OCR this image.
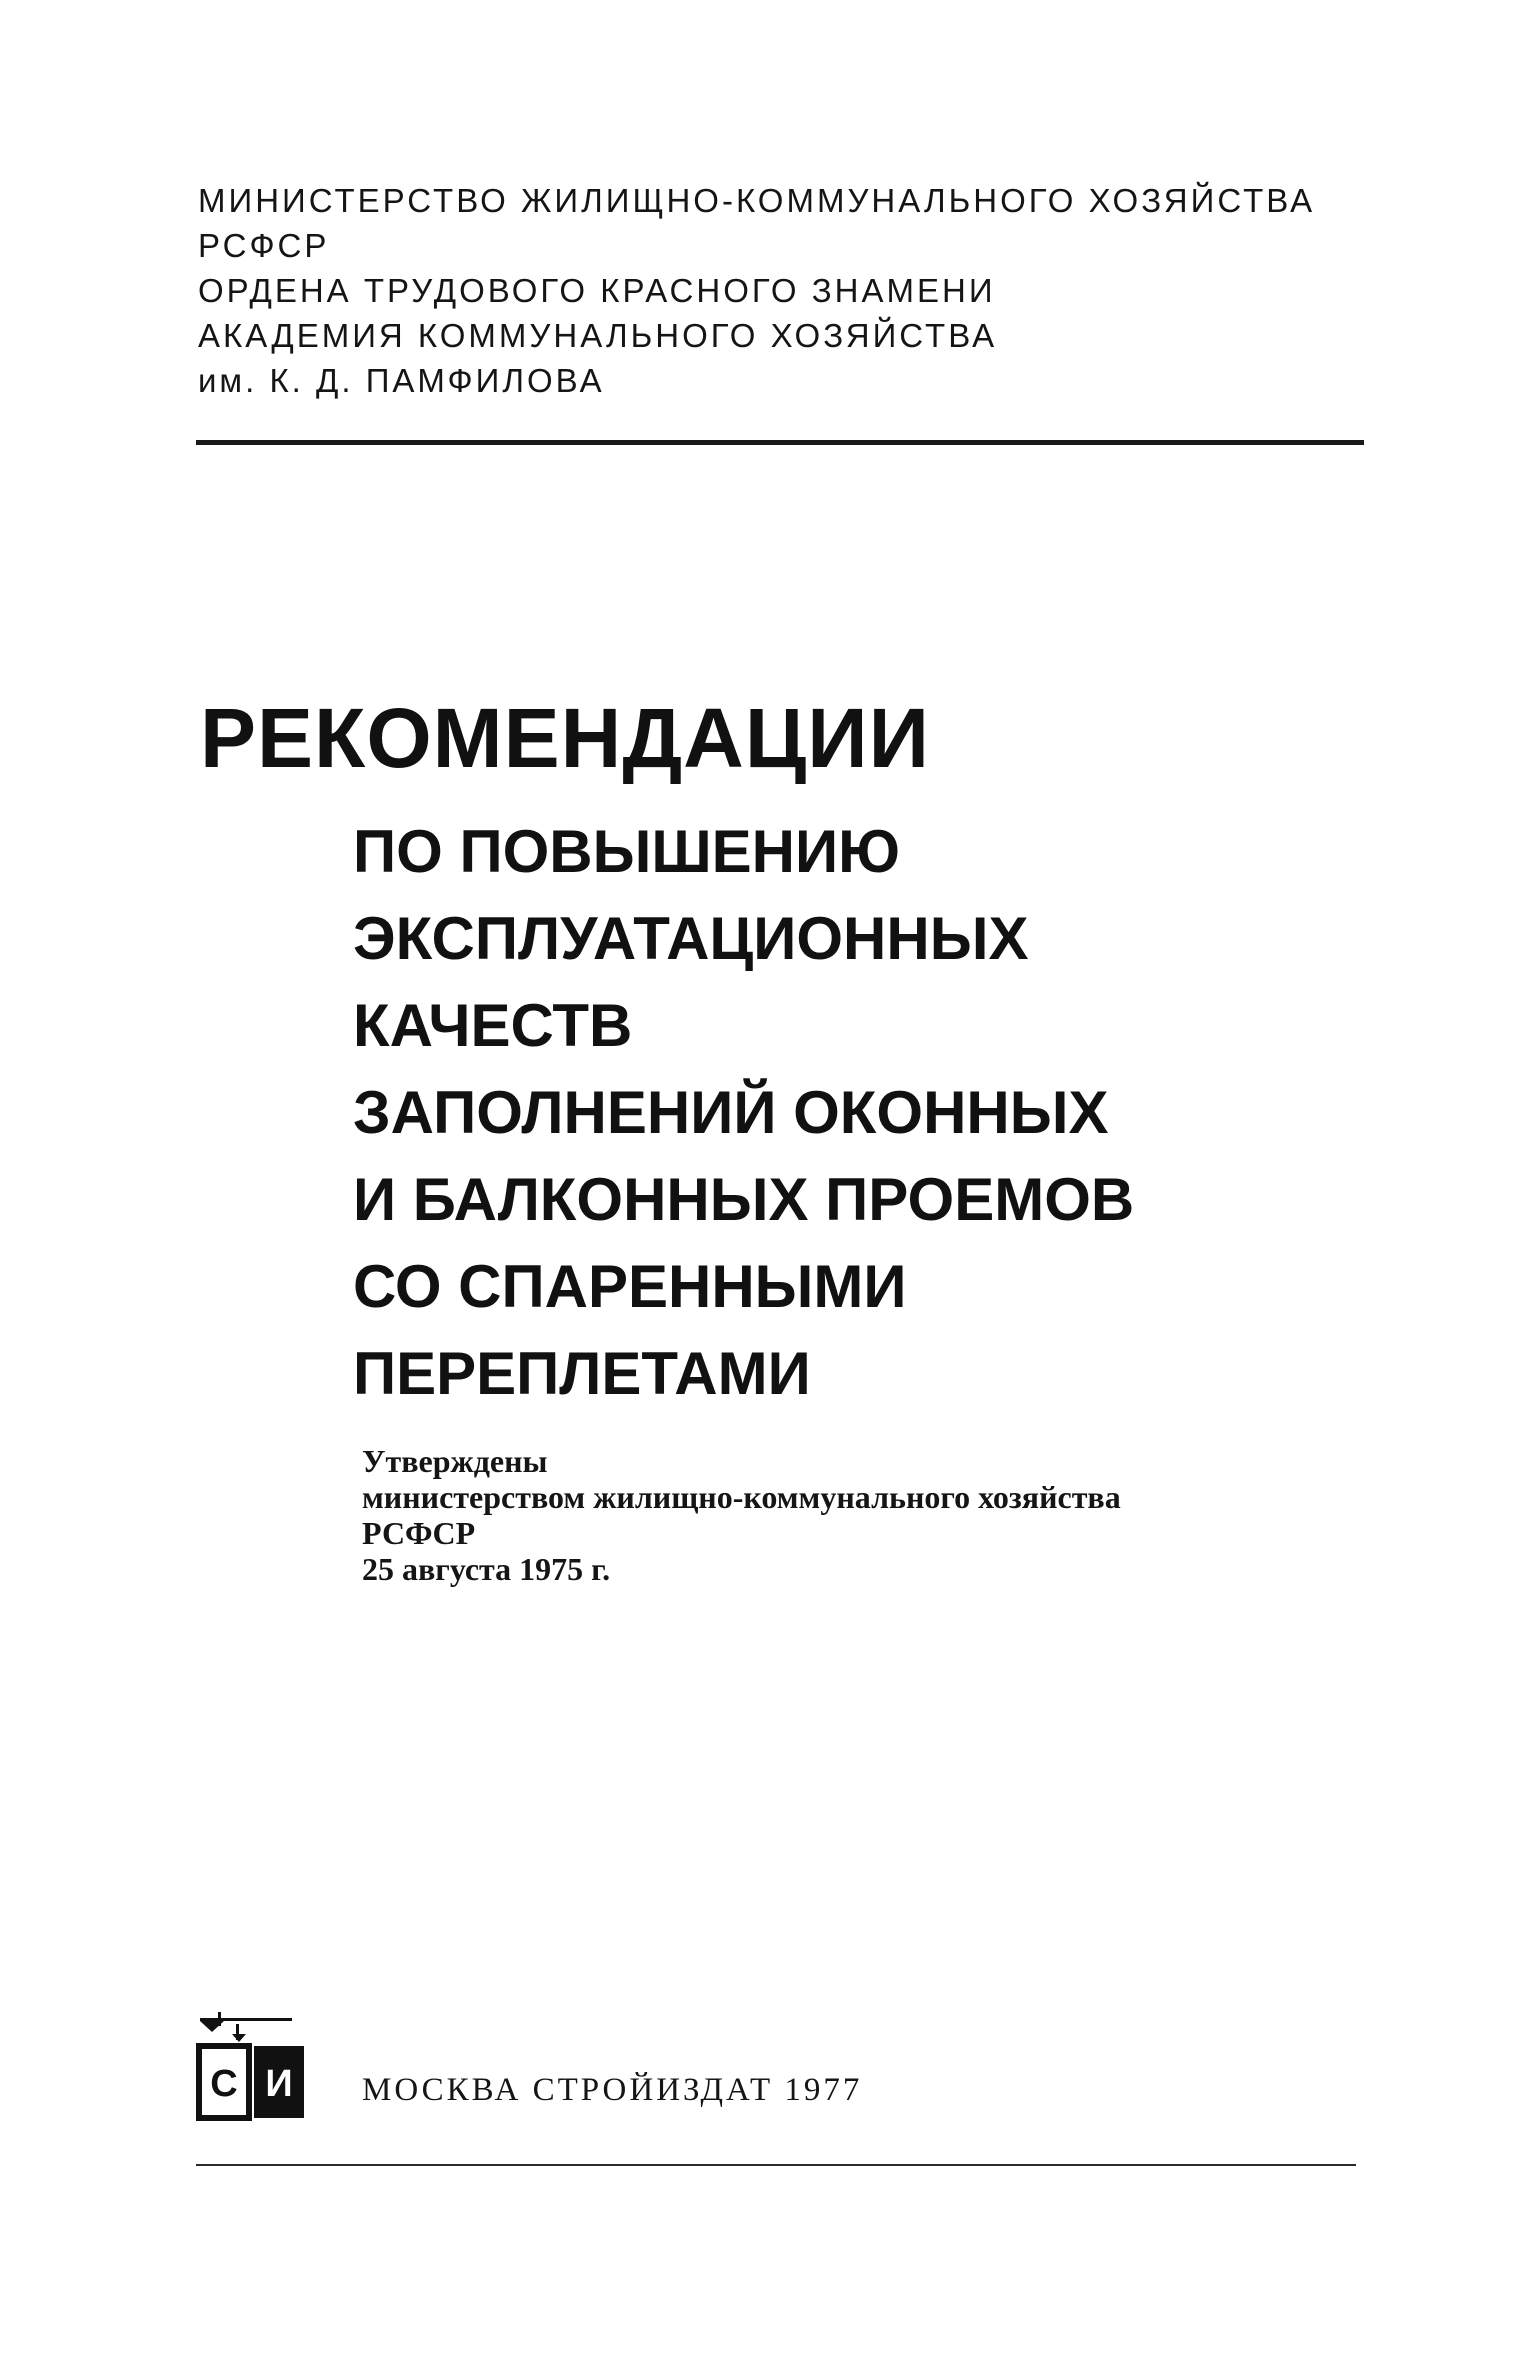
МИНИСТЕРСТВО ЖИЛИЩНО-КОММУНАЛЬНОГО ХОЗЯЙСТВА
РСФСР
ОРДЕНА ТРУДОВОГО КРАСНОГО ЗНАМЕНИ
АКАДЕМИЯ КОММУНАЛЬНОГО ХОЗЯЙСТВА
им. К. Д. ПАМФИЛОВА
РЕКОМЕНДАЦИИ
ПО ПОВЫШЕНИЮ
ЭКСПЛУАТАЦИОННЫХ
КАЧЕСТВ
ЗАПОЛНЕНИЙ ОКОННЫХ
И БАЛКОННЫХ ПРОЕМОВ
СО СПАРЕННЫМИ
ПЕРЕПЛЕТАМИ
Утверждены
министерством жилищно-коммунального хозяйства
РСФСР
25 августа 1975 г.
С И МОСКВА СТРОЙИЗДАТ 1977
